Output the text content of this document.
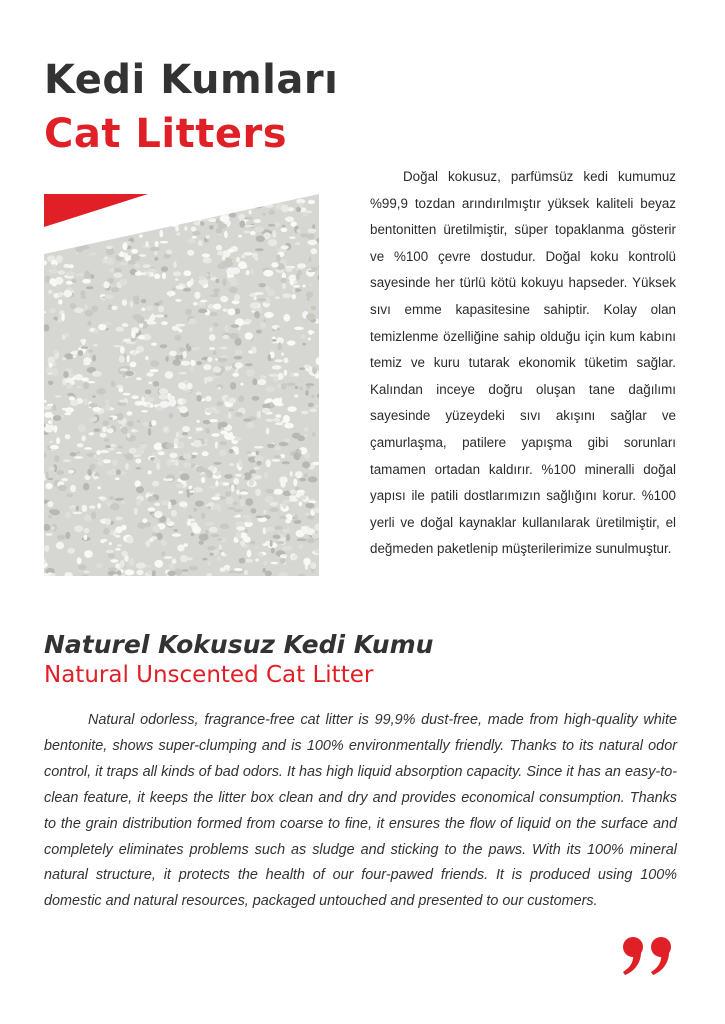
Kedi Kumları
Cat Litters

Doğal kokusuz, parfümsüz kedi kumumuz %99,9 tozdan arındırılmıştır yüksek kaliteli beyaz bentonitten üretilmiştir, süper topaklanma gösterir ve %100 çevre dostudur. Doğal koku kontrolü sayesinde her türlü kötü kokuyu hapseder. Yüksek sıvı emme kapasitesine sahiptir. Kolay olan temizlenme özelliğine sahip olduğu için kum kabını temiz ve kuru tutarak ekonomik tüketim sağlar. Kalından inceye doğru oluşan tane dağılımı sayesinde yüzeydeki sıvı akışını sağlar ve çamurlaşma, patilere yapışma gibi sorunları tamamen ortadan kaldırır. %100 mineralli doğal yapısı ile patili dostlarımızın sağlığını korur. %100 yerli ve doğal kaynaklar kullanılarak üretilmiştir, el değmeden paketlenip müşterilerimize sunulmuştur.

Naturel Kokusuz Kedi Kumu
Natural Unscented Cat Litter

Natural odorless, fragrance-free cat litter is 99,9% dust-free, made from high-quality white bentonite, shows super-clumping and is 100% environmentally friendly. Thanks to its natural odor control, it traps all kinds of bad odors. It has high liquid absorption capacity. Since it has an easy-to-clean feature, it keeps the litter box clean and dry and provides economical consumption. Thanks to the grain distribution formed from coarse to fine, it ensures the flow of liquid on the surface and completely eliminates problems such as sludge and sticking to the paws. With its 100% mineral natural structure, it protects the health of our four-pawed friends. It is produced using 100% domestic and natural resources, packaged untouched and presented to our customers.
